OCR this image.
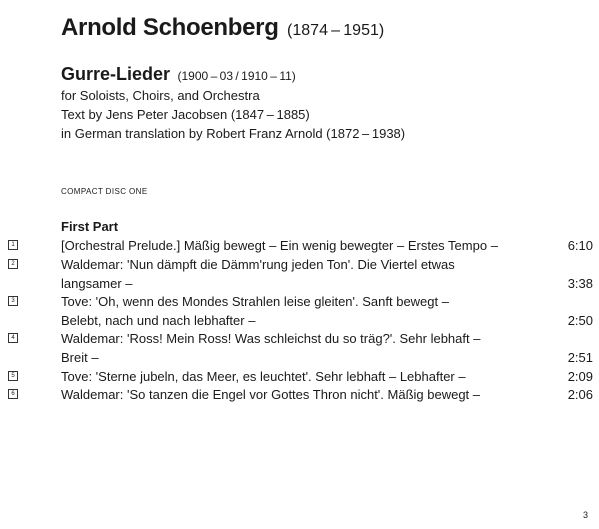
Arnold Schoenberg (1874 – 1951)
Gurre-Lieder (1900 – 03 / 1910 – 11)
for Soloists, Choirs, and Orchestra
Text by Jens Peter Jacobsen (1847 – 1885)
in German translation by Robert Franz Arnold (1872 – 1938)
COMPACT DISC ONE
First Part
1	[Orchestral Prelude.] Mäßig bewegt – Ein wenig bewegter – Erstes Tempo –	6:10
2	Waldemar: 'Nun dämpft die Dämm'rung jeden Ton'. Die Viertel etwas
langsamer –	3:38
3	Tove: 'Oh, wenn des Mondes Strahlen leise gleiten'. Sanft bewegt –
Belebt, nach und nach lebhafter –	2:50
4	Waldemar: 'Ross! Mein Ross! Was schleichst du so träg?'. Sehr lebhaft –
Breit –	2:51
5	Tove: 'Sterne jubeln, das Meer, es leuchtet'. Sehr lebhaft – Lebhafter –	2:09
6	Waldemar: 'So tanzen die Engel vor Gottes Thron nicht'. Mäßig bewegt –	2:06
3
